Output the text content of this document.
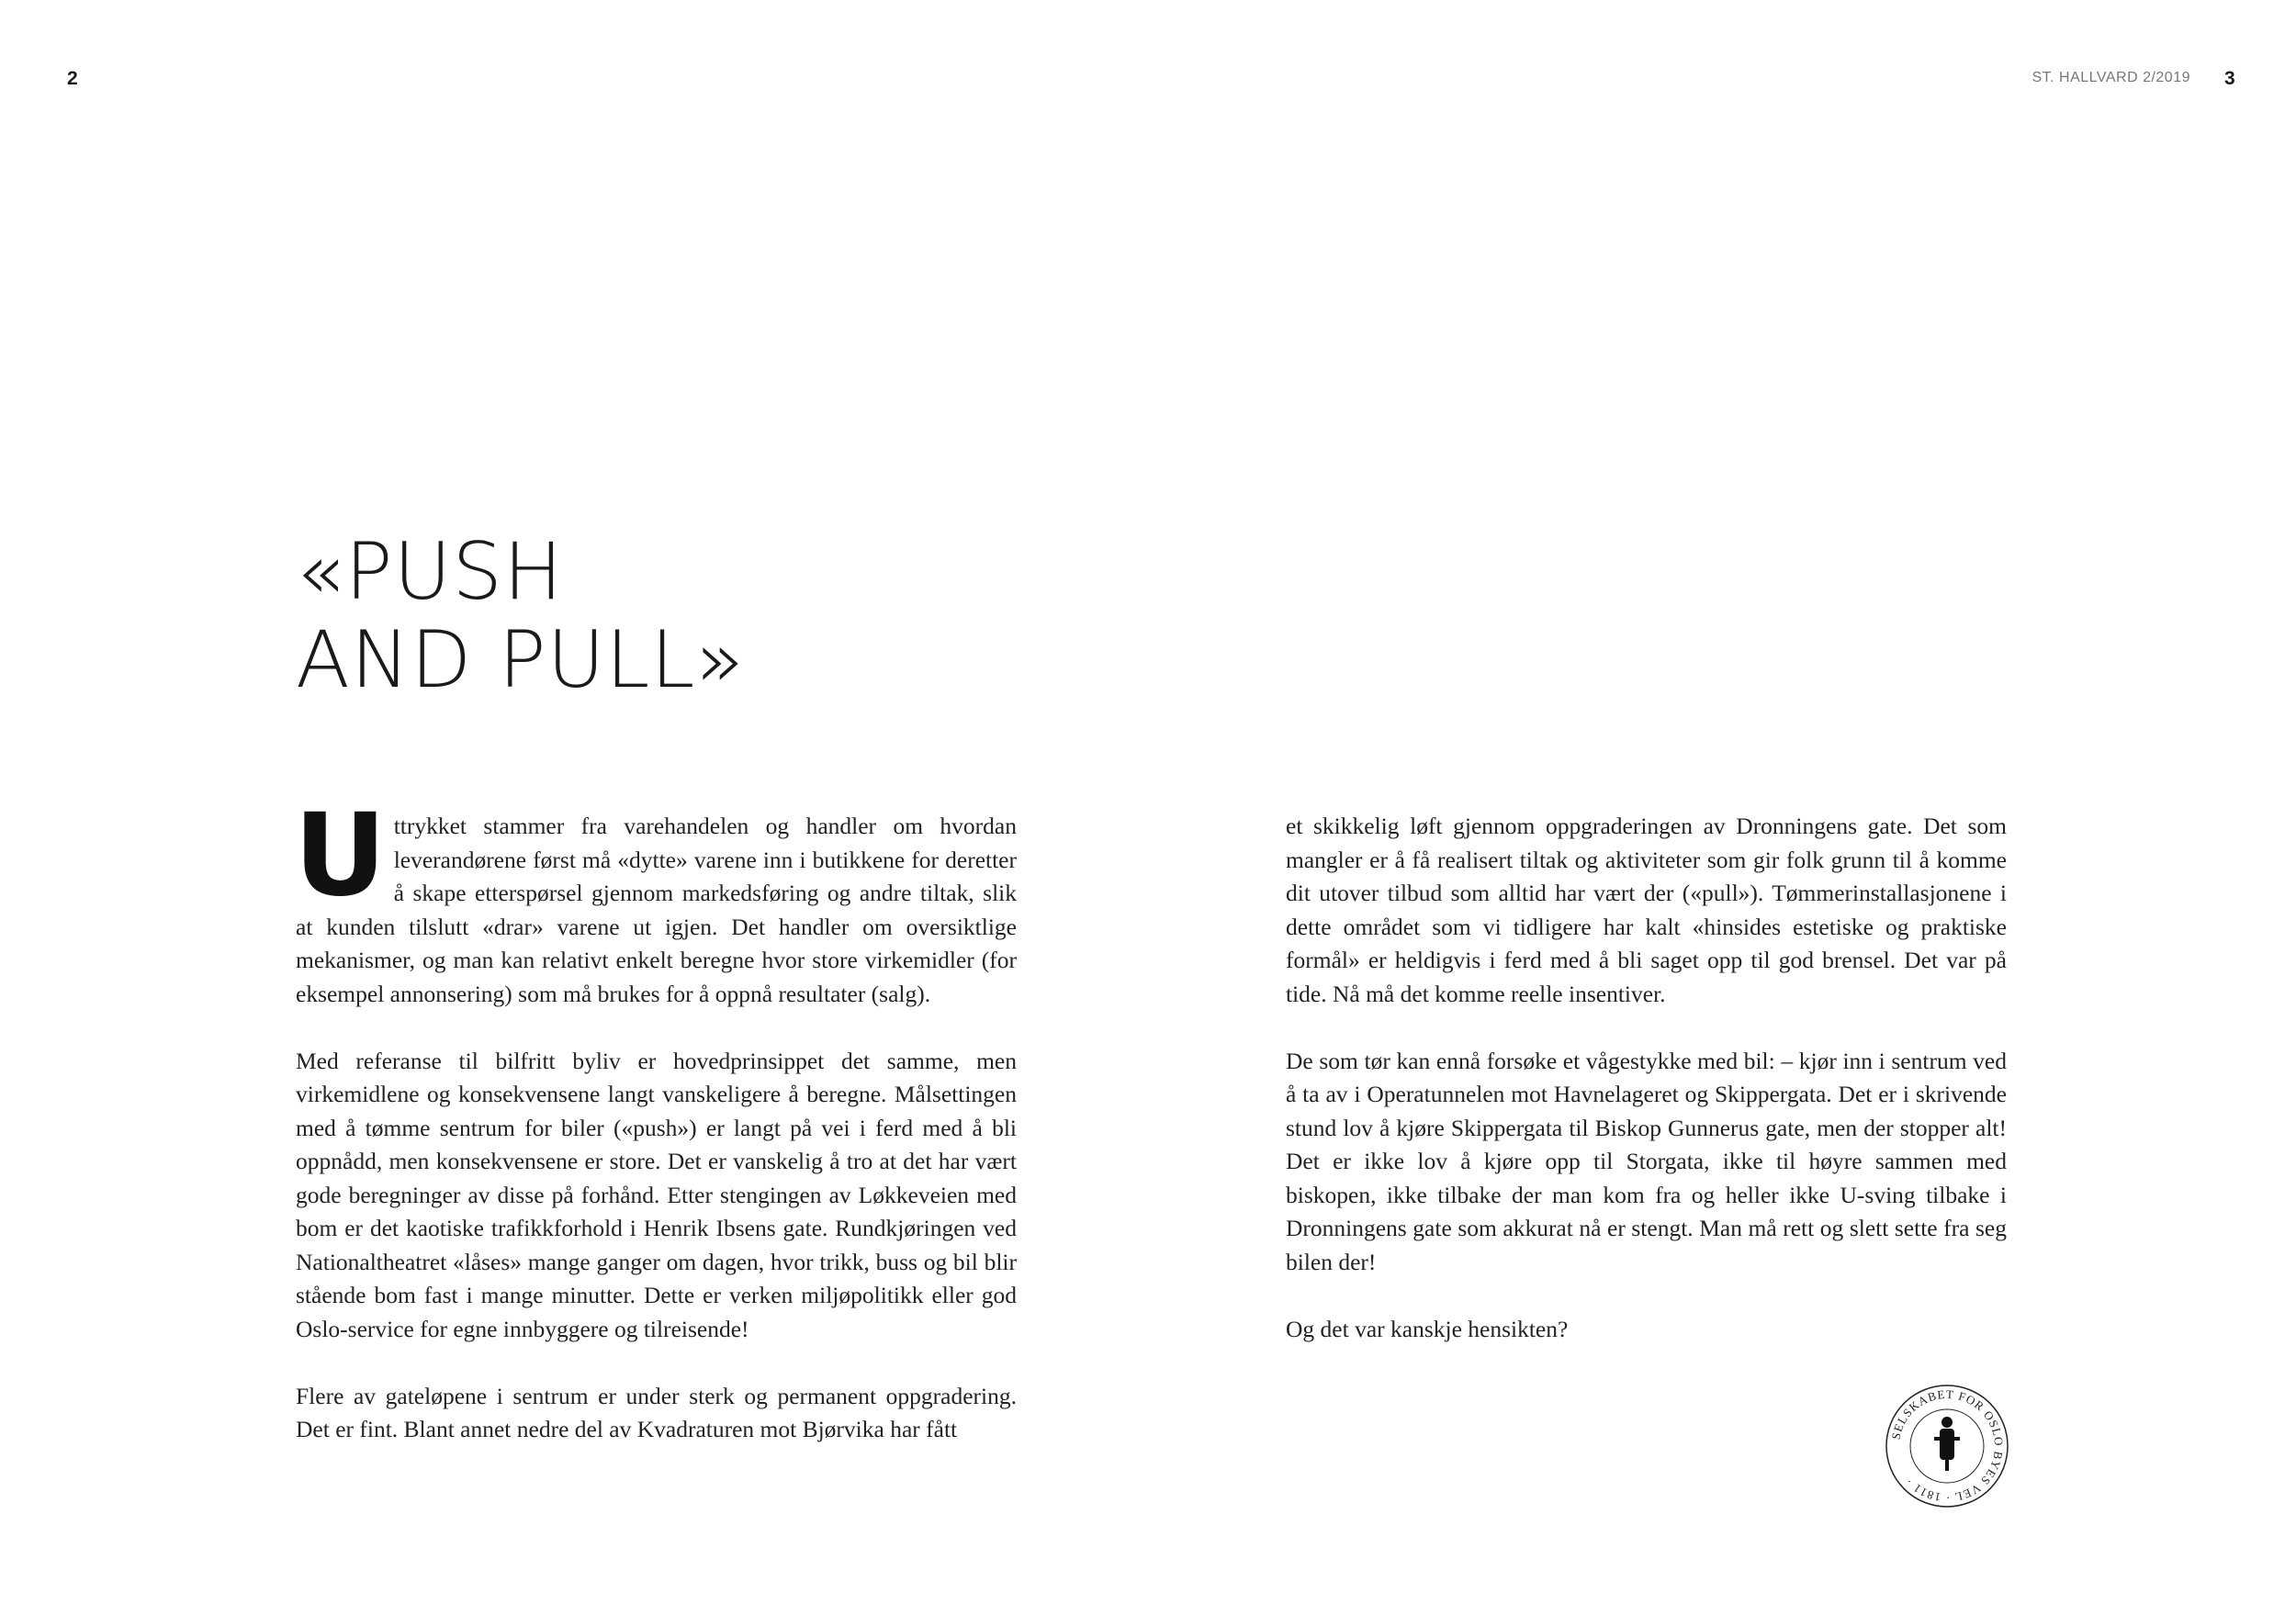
2	ST. HALLVARD 2/2019 3
«PUSH
AND PULL»

Uttrykket stammer fra varehandelen og handler om hvordan leverandørene først må «dytte» varene inn i butikkene for deretter å skape etterspørsel gjennom markedsføring og andre tiltak, slik at kunden tilslutt «drar» varene ut igjen. Det handler om oversiktlige mekanismer, og man kan relativt enkelt beregne hvor store virkemidler (for eksempel annonsering) som må brukes for å oppnå resultater (salg).

Med referanse til bilfritt byliv er hovedprinsippet det samme, men virkemidlene og konsekvensene langt vanskeligere å beregne. Målsettingen med å tømme sentrum for biler («push») er langt på vei i ferd med å bli oppnådd, men konsekvensene er store. Det er vanskelig å tro at det har vært gode beregninger av disse på forhånd. Etter stengingen av Løkkeveien med bom er det kaotiske trafikkforhold i Henrik Ibsens gate. Rundkjøringen ved Nationaltheatret «låses» mange ganger om dagen, hvor trikk, buss og bil blir stående bom fast i mange minutter. Dette er verken miljøpolitikk eller god Oslo-service for egne innbyggere og tilreisende!

Flere av gateløpene i sentrum er under sterk og permanent oppgradering. Det er fint. Blant annet nedre del av Kvadraturen mot Bjørvika har fått

et skikkelig løft gjennom oppgraderingen av Dronningens gate. Det som mangler er å få realisert tiltak og aktiviteter som gir folk grunn til å komme dit utover tilbud som alltid har vært der («pull»). Tømmerinstallasjonene i dette området som vi tidligere har kalt «hinsides estetiske og praktiske formål» er heldigvis i ferd med å bli saget opp til god brensel. Det var på tide. Nå må det komme reelle insentiver.

De som tør kan ennå forsøke et vågestykke med bil: – kjør inn i sentrum ved å ta av i Operatunnelen mot Havnelageret og Skippergata. Det er i skrivende stund lov å kjøre Skippergata til Biskop Gunnerus gate, men der stopper alt! Det er ikke lov å kjøre opp til Storgata, ikke til høyre sammen med biskopen, ikke tilbake der man kom fra og heller ikke U-sving tilbake i Dronningens gate som akkurat nå er stengt. Man må rett og slett sette fra seg bilen der!

Og det var kanskje hensikten?

SELSKABET FOR OSLO BYES VEL · 1811 ·
